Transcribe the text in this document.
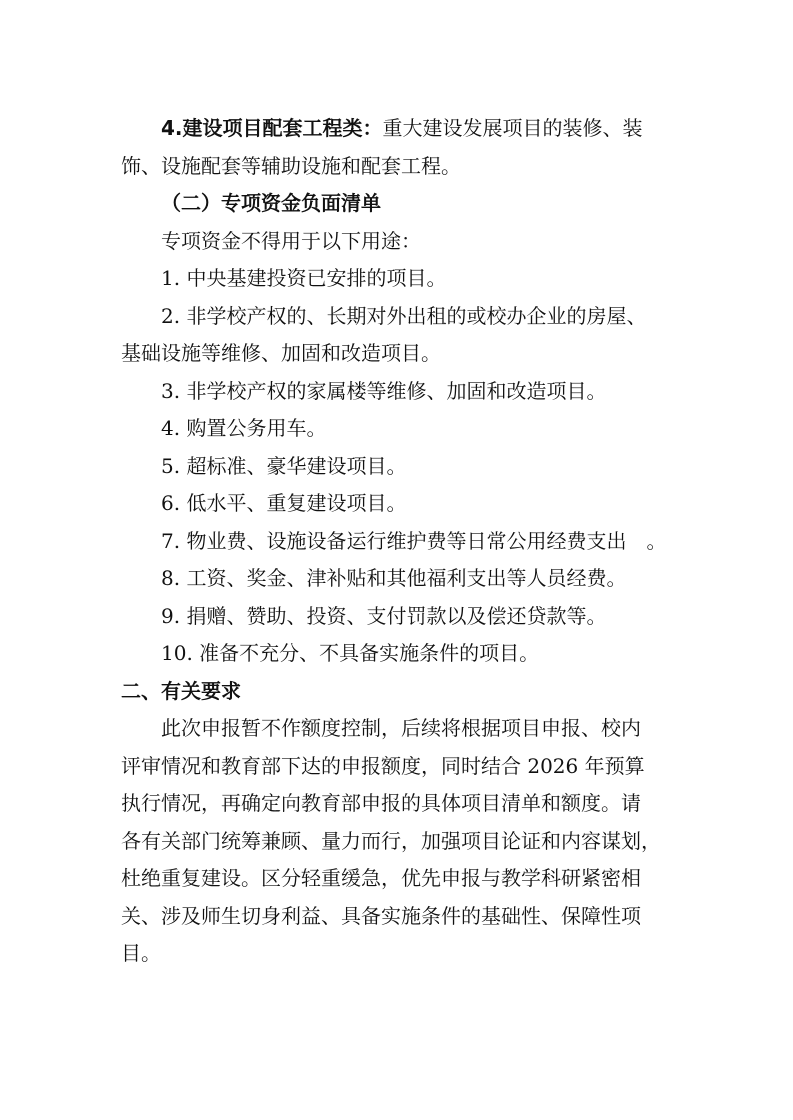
4.建设项目配套工程类：重大建设发展项目的装修、装

饰、设施配套等辅助设施和配套工程。

（二）专项资金负面清单

专项资金不得用于以下用途：

1. 中央基建投资已安排的项目。

2. 非学校产权的、长期对外出租的或校办企业的房屋、

基础设施等维修、加固和改造项目。

3. 非学校产权的家属楼等维修、加固和改造项目。

4. 购置公务用车。

5. 超标准、豪华建设项目。

6. 低水平、重复建设项目。

7. 物业费、设施设备运行维护费等日常公用经费支出　。

8. 工资、奖金、津补贴和其他福利支出等人员经费。

9. 捐赠、赞助、投资、支付罚款以及偿还贷款等。

10. 准备不充分、不具备实施条件的项目。

二、有关要求

此次申报暂不作额度控制，后续将根据项目申报、校内

评审情况和教育部下达的申报额度，同时结合 2026 年预算

执行情况，再确定向教育部申报的具体项目清单和额度。请

各有关部门统筹兼顾、量力而行，加强项目论证和内容谋划，

杜绝重复建设。区分轻重缓急，优先申报与教学科研紧密相

关、涉及师生切身利益、具备实施条件的基础性、保障性项

目。
